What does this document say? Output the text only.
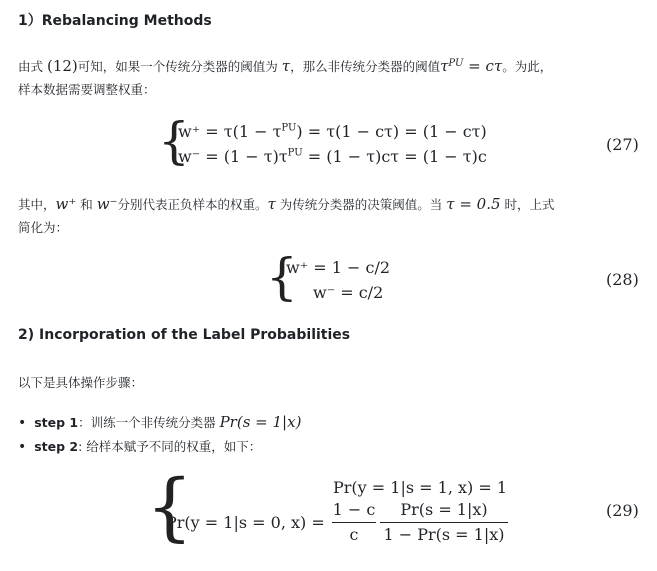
1）Rebalancing Methods
由式 (12)可知，如果一个传统分类器的阈值为 τ，那么非传统分类器的阈值$\tau^{PU} = c\tau$。为此，
样本数据需要调整权重：
{
$w^+ = \tau(1 - \tau^{PU}) = \tau(1 - c\tau) = (1 - c\tau)$
$w^- = (1 - \tau)\tau^{PU} = (1 - \tau)c\tau = (1 - \tau)c$
(27)
其中，w⁺ 和 w⁻分别代表正负样本的权重。τ 为传统分类器的决策阈值。当 τ = 0.5 时，上式
简化为：
{
w⁺ = 1 − c/2
w⁻ = c/2
(28)
2) Incorporation of the Label Probabilities
以下是具体操作步骤：
• step 1：训练一个非传统分类器 Pr(s = 1|x)
• step 2: 给样本赋予不同的权重，如下：
{	Pr(y = 1|s = 1, x) = 1
Pr(y = 1|s = 0, x) =
1 − c
c
Pr(s = 1|x)
1 − Pr(s = 1|x)
(29)
